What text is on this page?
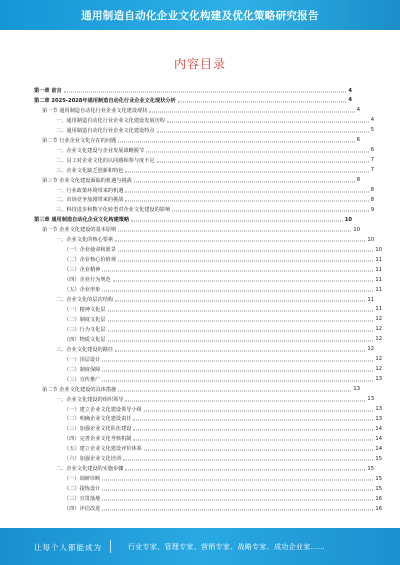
通用制造自动化企业文化构建及优化策略研究报告
内容目录
第一章 前言	4
第二章 2025-2028年通用制造自动化行业企业文化现状分析	4
第一节 通用制造自动化行业企业文化建设现状	4
一、通用制造自动化行业企业文化建设发展历程	4
二、通用制造自动化行业企业文化建设特点	5
第二节 行业企业文化存在的问题	6
一、企业文化建设与企业发展战略脱节	6
二、员工对企业文化的认同感和参与度不足	7
三、企业文化缺乏创新和特色	7
第三节 企业文化建设面临的机遇与挑战	8
一、行业政策环境带来的机遇	8
二、市场竞争加剧带来的挑战	8
三、科技进步和数字化转型对企业文化建设的影响	9
第三章 通用制造自动化企业文化构建策略	10
第一节 企业文化建设的基本原则	10
一、企业文化的核心要素	10
（一）企业使命和愿景	10
（二）企业核心价值观	11
（三）企业精神	11
（四）企业行为规范	11
（五）企业形象	11
二、企业文化的层次结构	11
（一）精神文化层	11
（二）制度文化层	12
（三）行为文化层	12
（四）物质文化层	12
三、企业文化建设的路径	12
（一）顶层设计	12
（二）制度保障	12
（三）宣传推广	13
第二节 企业文化建设的具体措施	13
一、企业文化建设的组织领导	13
（一）建立企业文化建设领导小组	13
（二）明确企业文化建设责任	13
（三）加强企业文化队伍建设	14
（四）完善企业文化考核机制	14
（五）建立企业文化建设评价体系	14
（六）加强企业文化培训	15
二、企业文化建设的实施步骤	15
（一）调研诊断	15
（二）提炼设计	15
（三）宣贯落地	16
（四）评估改进	16
让每个人都能成为	行业专家、管理专家、营销专家、战略专家、成功企业家……
